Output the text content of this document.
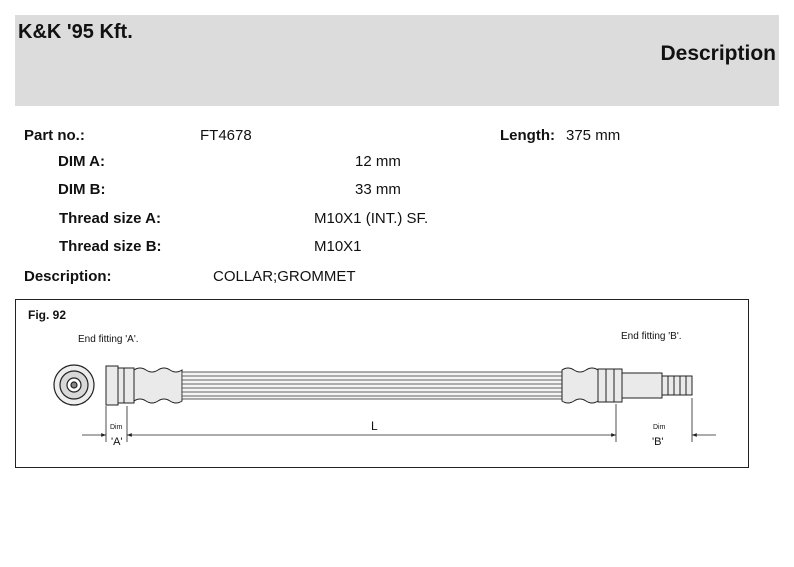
K&K '95 Kft.
Description
Part no.:	FT4678	Length: 375 mm
DIM A:	12 mm
DIM B:	33 mm
Thread size A:	M10X1 (INT.) SF.
Thread size B:	M10X1
Description:	COLLAR;GROMMET
Fig. 92
End fitting 'A'.	End fitting 'B'.
Dim	Dim
'A'	'B'
L
